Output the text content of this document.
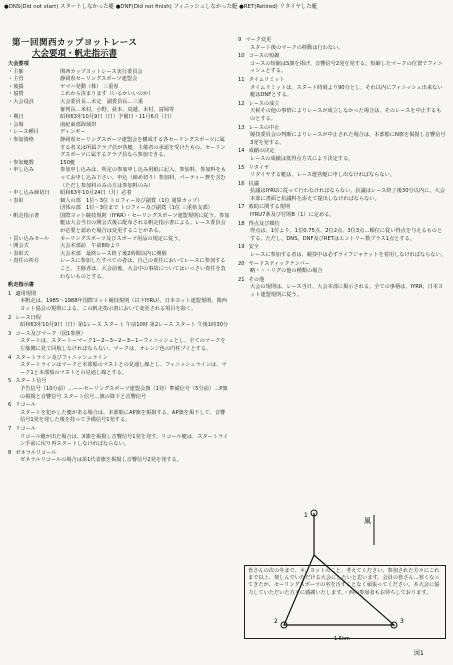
●DNS(Did not start) スタートしなかった艇 ●DNF(Did not finish) フィニッシュしなかった艇 ●RET(Retired) リタイヤした艇
第一回関西カップヨットレース
大会要項・帆走指示書
大会要項
・主催	関西カップヨットレース実行委員会
・主管	静岡県セーリングスポーツ連盟会
・後援	ヤマハ発動（株） 三重県
・協賛	これから決まります（いるかいいのか）
・大会役員	大会委員長…未定　副委員長…三重
	審判長…米村、小野、荻本、鳥越、本村、富岡等
・期日	昭和63年10月9日（日）予備日・11月6日（日）
・会場	南紀東部海域帯
・レース種目	ディンギー
・参加資格	静岡県セーリングスポーツ連盟会を構成する各セーリングスポーツに属する者又は所属クラブ員が各艇、主催者の承認を受けたもの。セーリングスポーツに属するクラブ員なら参加できる。
・参加艇数	150艇
・申し込み	参加申し込みは、所定の参加申し込み用紙に記入、参加料、参加料をもってお申し込み下さい。申込（締め切り）参加料、パーティー費を含む（ただし参加料のみの方は参加料のみ）
・申し込み締切日	昭和63年10月24日（月）必着
・表彰	個人の部　1位～3位 トロフィー及び副賞（1位 通算カップ）
	団体の部　1位～3位まで トロフィー及び副賞（1位 三重県支部）
・帆走指示書	国際ヨット競技規則（IYRR）・セーリングスポーツ連盟規則に従う。参加艇は大会当日の開会式後に配布される帆走指示書による。レース委員会が必要と認めた場合は変更することがある。
・買い込みセール	セーリングスポーツ及びスポーツ用品の規定に従う。
・開会式	大会本部前　午前8時より
・表彰式	大会本部　最終レース終了後2時間以内に開催
・責任の所在	レースに参加したすべての者は、自己の責任においてレースに参加すること。主催者は、大会前後、大会中の事故についてはいっさい責任を負わないものとする。
帆走指示書
1 適用規則
本帆走は、1985～1988年国際ヨット競技規則（以下IYRU）、日本ヨット連盟規則、関西ヨット協会の規則による。この帆走指示書において変更される項目を除く。
2 レース日程
昭和63年10月9日（日）第1レース スタート 午前10時 第2レース スタート 午後1時30分
3 コース及びマーク（図1参照）
スタートは、スタートーマーク1ー2ー3ー2ー3ー1ーフィニッシュとし、全てのマークを左舷側に見て回航しなければならない。マークは、オレンジ色の円柱ブイとする。
4 スタートライン及びフィニッシュライン
スタートラインはマークと本部船のマストとの見通し線とし、フィニッシュラインは、マーク1と本部船のマストとの見通し線とする。
5 スタート信号
予告信号（10分前）…ーーセーリングスポーツ連盟会旗（1発）準備信号（5分前）…P旗の掲揚と音響信号 スタート信号…旗の降下と音響信号
6 リコール
スタートを犯かした艇がある場合は、本部船にAP旗を掲揚する。AP旗を掲下して、音響信号1発を発した後を持って予備信号1発する。
7 リコール
リコール艇が出た場合は、X旗を掲揚し音響信号1発を発す。リコール艇は、スタートライン手前に戻り再スタートしなければならない。
8 ゼネラルリコール
ゼネラルリコールの場合は第1代表旗を掲揚し音響信号2発を発する。
9 マーク変更
スタート後のマークの移動は行わない。
10 コースの短縮
コースの短縮はS旗を掲げ、音響信号2発を発する。短縮したマークの位置でフィニッシュとする。
11 タイムリミット
タイムリミットは、スタート時刻より90分とし、それ以内にフィニッシュ出来ない艇はDNFとする。
12 レースの成立
天候その他の事情によりレースが成立しなかった場合は、そのレースを中止するものとする。
13 レースの中止
競技委員会の判断によりレースが中止された場合は、本部船にN旗を掲揚し音響信号3発を発する。
14 成績の決定
レースの成績は低得点方式により決定する。
15 リタイヤ
リタイヤする艇は、レース運営艇に申し出なければならない。
16 抗議
抗議はIYRUに従って行わなければならない。抗議はレース終了後30分以内に、大会本部に書面と抗議料を添えて提出しなければならない。
17 救助に関する規則
IYRU7条及び付則B（1）に定める。
18 得点及び順位
得点は、1位より、1位0.75点、2位2点、3位3点…順位に従い得点を与えるものとする。ただし、DNS、DNF及びRETはエントリー数プラス1点とする。
19 安全
レースに参加する者は、競技中は必ずライフジャケットを着用しなければならない。
20 ヤードスティックナンバー
略・・・リグの他の種類の場合
21 その他
大会の規則は、レース当日、大会本部に掲示される。全ての事柄は、IYRR、日本ヨット連盟規則に従う。
1
2	3
風
図1
1.5km
皆さんの次の冬まで、ネ、ヨットのこと、考えてください。参加された方々にこれまで以上、楽しんでいただける大会にしたいと思います。会員の皆さん…寒くなってきたが、セーリングスポーツの名を汚すことなく頑張ってください。本大会に協力していただいた方々に感謝いたします。・西の参加者もお待ちしております。
